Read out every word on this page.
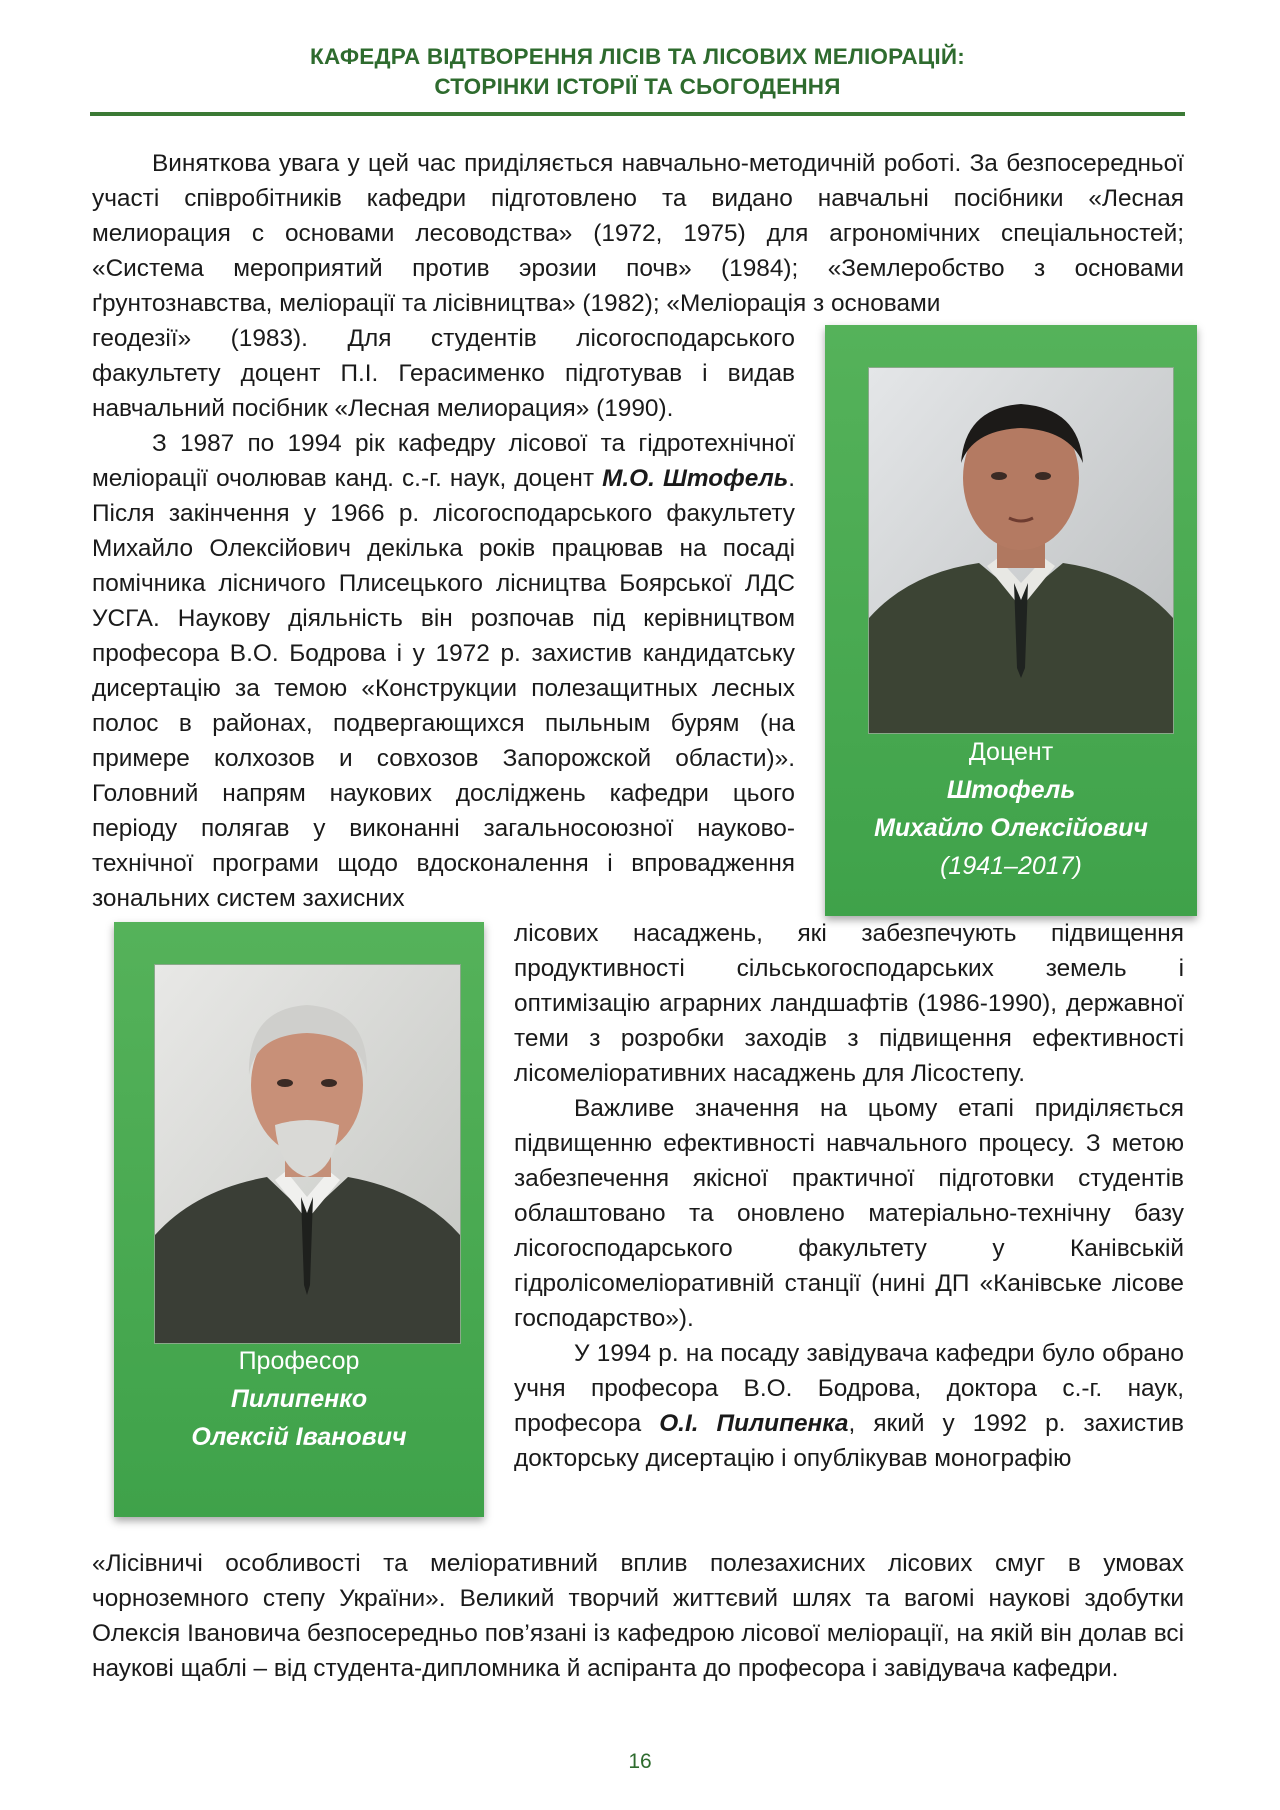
КАФЕДРА ВІДТВОРЕННЯ ЛІСІВ ТА ЛІСОВИХ МЕЛІОРАЦІЙ:
СТОРІНКИ ІСТОРІЇ ТА СЬОГОДЕННЯ

Виняткова увага у цей час приділяється навчально-методичній роботі. За безпосередньої участі співробітників кафедри підготовлено та видано навчальні посібники «Лесная мелиорация с основами лесоводства» (1972, 1975) для агрономічних спеціальностей; «Система мероприятий против эрозии почв» (1984); «Землеробство з основами ґрунтознавства, меліорації та лісівництва» (1982); «Меліорація з основами

геодезії» (1983). Для студентів лісогосподарського факультету доцент П.І. Герасименко підготував і видав навчальний посібник «Лесная мелиорация» (1990).

З 1987 по 1994 рік кафедру лісової та гідротехнічної меліорації очолював канд. с.-г. наук, доцент М.О. Штофель. Після закінчення у 1966 р. лісогосподарського факультету Михайло Олексійович декілька років працював на посаді помічника лісничого Плисецького лісництва Боярської ЛДС УСГА. Наукову діяльність він розпочав під керівництвом професора В.О. Бодрова і у 1972 р. захистив кандидатську дисертацію за темою «Конструкции полезащитных лесных полос в районах, подвергающихся пыльным бурям (на примере колхозов и совхозов Запорожской области)». Головний напрям наукових досліджень кафедри цього періоду полягав у виконанні загальносоюзної науково-технічної програми щодо вдосконалення і впровадження зональних систем захисних

лісових насаджень, які забезпечують підвищення продуктивності сільськогосподарських земель і оптимізацію аграрних ландшафтів (1986-1990), державної теми з розробки заходів з підвищення ефективності лісомеліоративних насаджень для Лісостепу.

Важливе значення на цьому етапі приділяється підвищенню ефективності навчального процесу. З метою забезпечення якісної практичної підготовки студентів облаштовано та оновлено матеріально-технічну базу лісогосподарського факультету у Канівській гідролісомеліоративній станції (нині ДП «Канівське лісове господарство»).

У 1994 р. на посаду завідувача кафедри було обрано учня професора В.О. Бодрова, доктора с.-г. наук, професора О.І. Пилипенка, який у 1992 р. захистив докторську дисертацію і опублікував монографію

«Лісівничі особливості та меліоративний вплив полезахисних лісових смуг в умовах чорноземного степу України». Великий творчий життєвий шлях та вагомі наукові здобутки Олексія Івановича безпосередньо пов’язані із кафедрою лісової меліорації, на якій він долав всі наукові щаблі – від студента-дипломника й аспіранта до професора і завідувача кафедри.

Доцент
Штофель
Михайло Олексійович
(1941–2017)
Професор
Пилипенко
Олексій Іванович
16
